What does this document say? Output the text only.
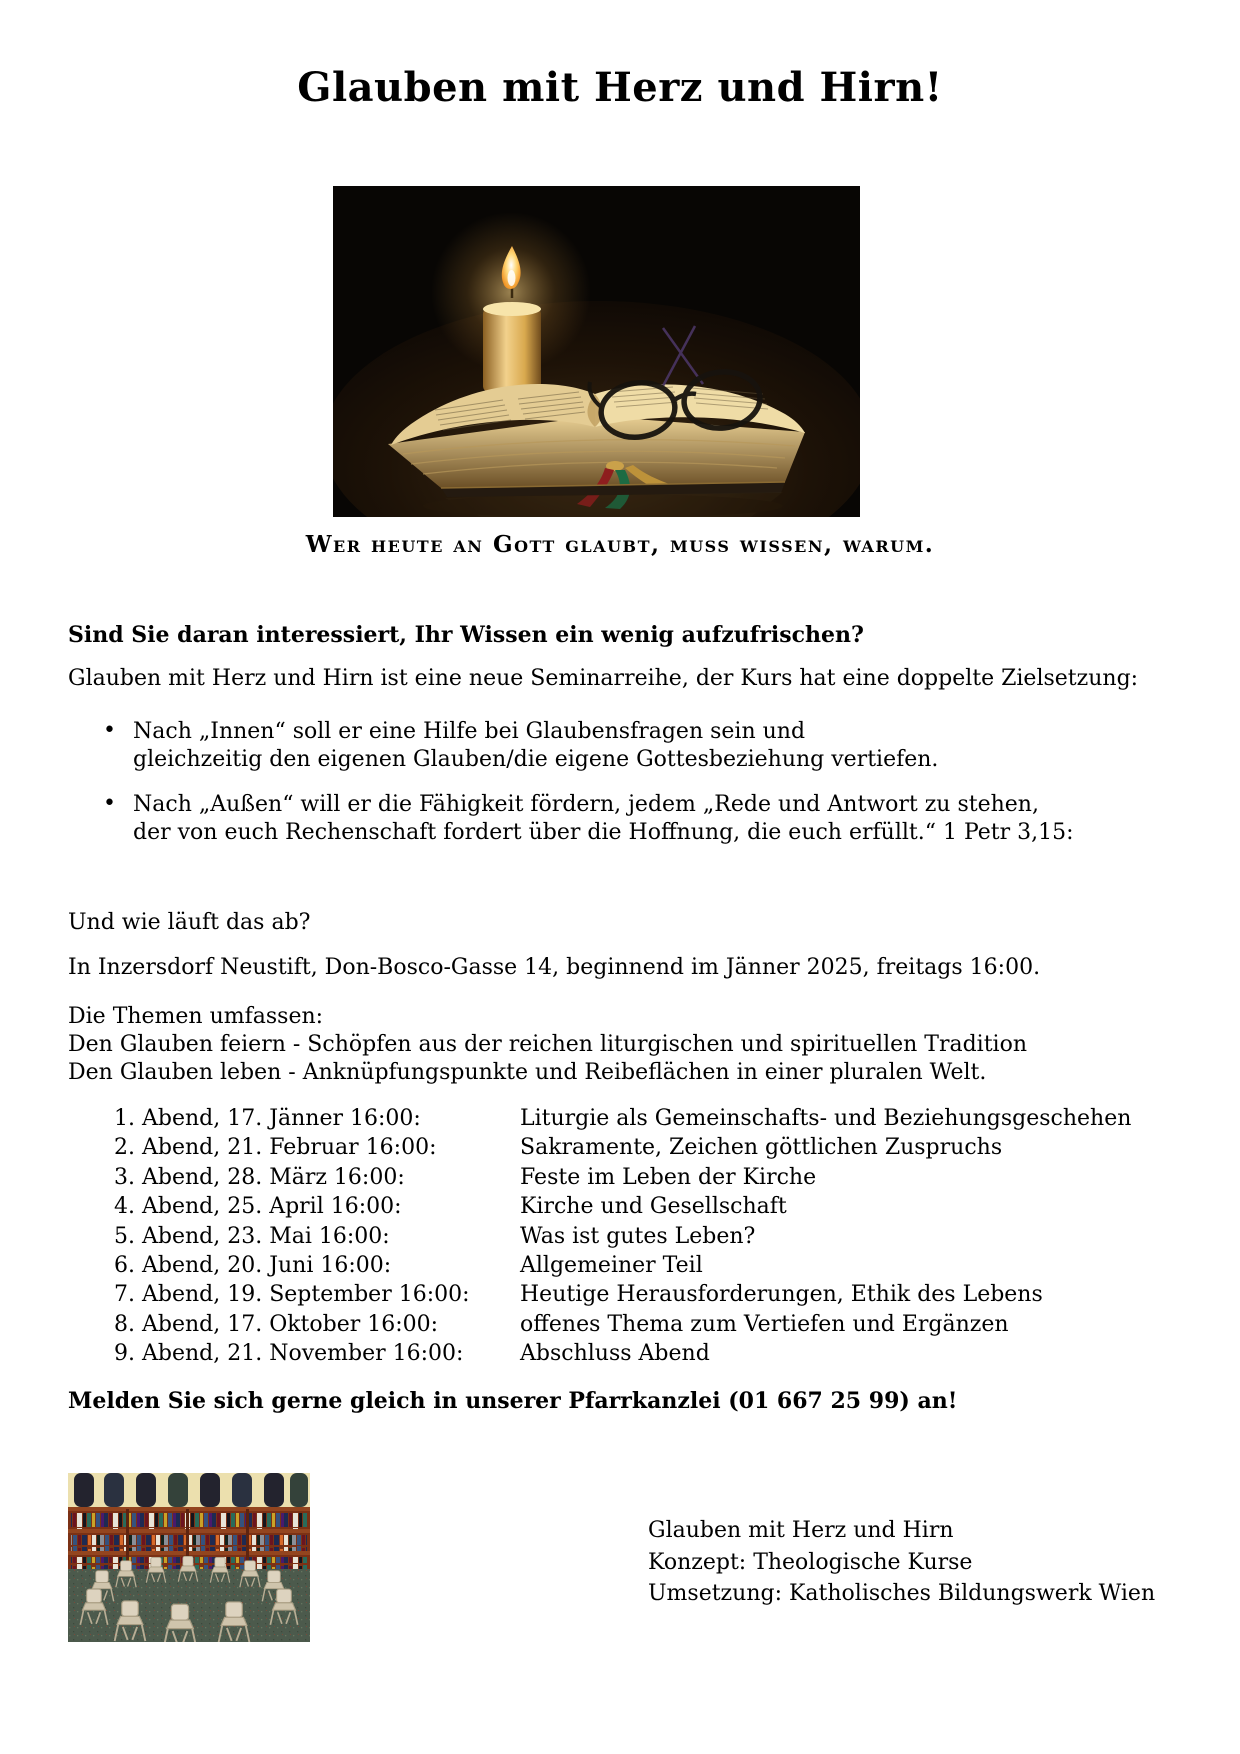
Glauben mit Herz und Hirn!
Wer heute an Gott glaubt, muss wissen, warum.
Sind Sie daran interessiert, Ihr Wissen ein wenig aufzufrischen?
Glauben mit Herz und Hirn ist eine neue Seminarreihe, der Kurs hat eine doppelte Zielsetzung:
• Nach „Innen“ soll er eine Hilfe bei Glaubensfragen sein und
gleichzeitig den eigenen Glauben/die eigene Gottesbeziehung vertiefen.
• Nach „Außen“ will er die Fähigkeit fördern, jedem „Rede und Antwort zu stehen,
der von euch Rechenschaft fordert über die Hoffnung, die euch erfüllt.“ 1 Petr 3,15:
Und wie läuft das ab?
In Inzersdorf Neustift, Don-Bosco-Gasse 14, beginnend im Jänner 2025, freitags 16:00.
Die Themen umfassen:
Den Glauben feiern - Schöpfen aus der reichen liturgischen und spirituellen Tradition
Den Glauben leben - Anknüpfungspunkte und Reibeflächen in einer pluralen Welt.
1. Abend, 17. Jänner 16:00:	Liturgie als Gemeinschafts- und Beziehungsgeschehen
2. Abend, 21. Februar 16:00:	Sakramente, Zeichen göttlichen Zuspruchs
3. Abend, 28. März 16:00:	Feste im Leben der Kirche
4. Abend, 25. April 16:00:	Kirche und Gesellschaft
5. Abend, 23. Mai 16:00:	Was ist gutes Leben?
6. Abend, 20. Juni 16:00:	Allgemeiner Teil
7. Abend, 19. September 16:00: Heutige Herausforderungen, Ethik des Lebens
8. Abend, 17. Oktober 16:00:	offenes Thema zum Vertiefen und Ergänzen
9. Abend, 21. November 16:00:	Abschluss Abend
Melden Sie sich gerne gleich in unserer Pfarrkanzlei (01 667 25 99) an!
Glauben mit Herz und Hirn
Konzept: Theologische Kurse
Umsetzung: Katholisches Bildungswerk Wien
